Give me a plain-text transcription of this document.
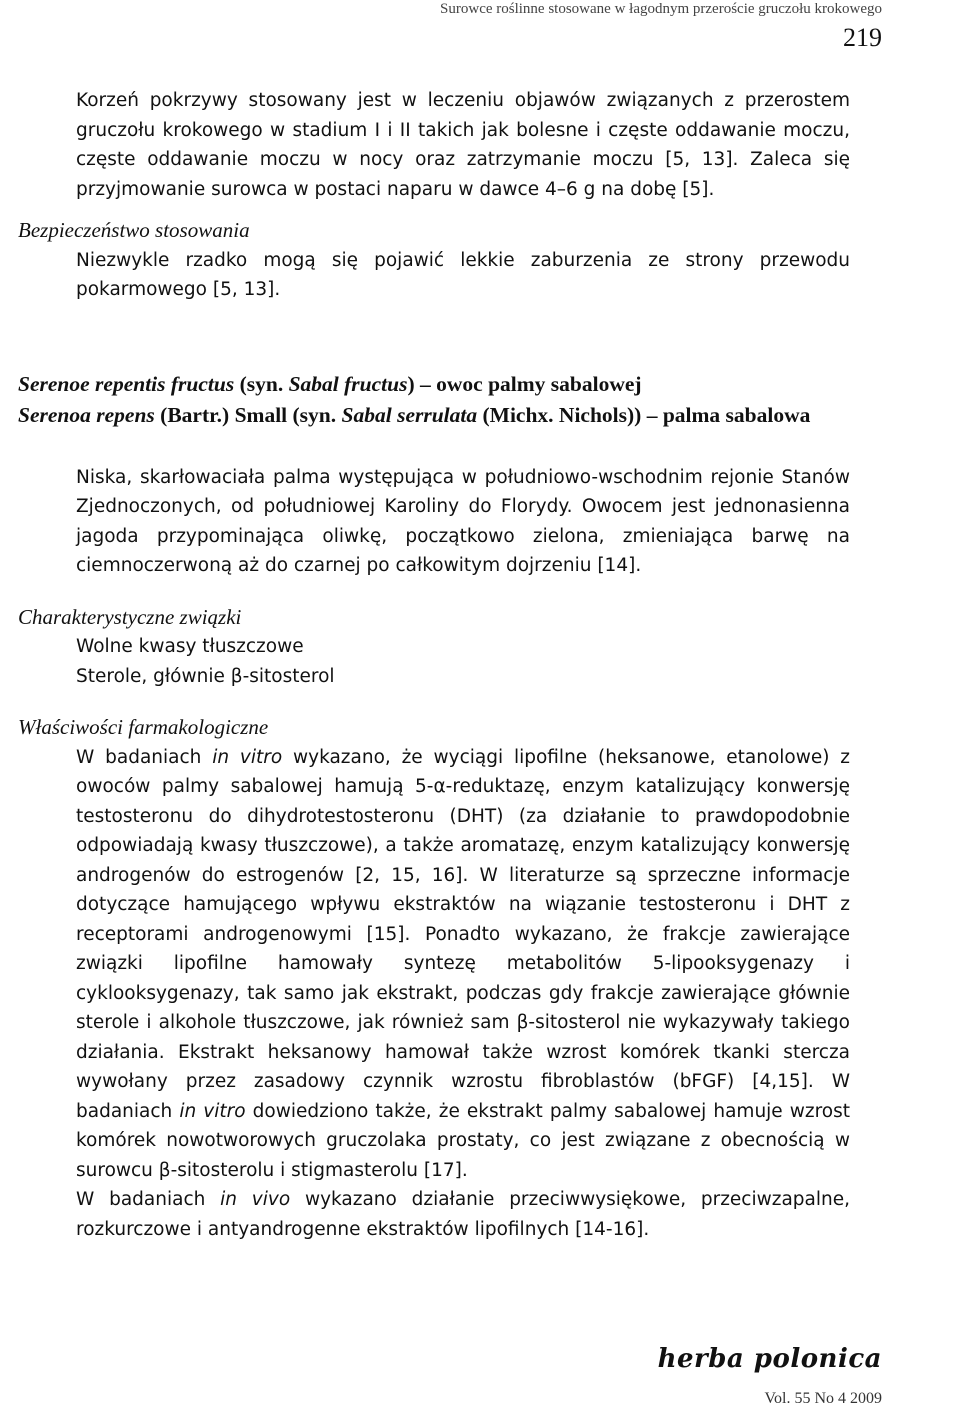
Surowce roślinne stosowane w łagodnym przeroście gruczołu krokowego
219

Korzeń pokrzywy stosowany jest w leczeniu objawów związanych z przerostem gruczołu krokowego w stadium I i II takich jak bolesne i częste oddawanie moczu, częste oddawanie moczu w nocy oraz zatrzymanie moczu [5, 13]. Zaleca się przyjmowanie surowca w postaci naparu w dawce 4–6 g na dobę [5].

Bezpieczeństwo stosowania

Niezwykle rzadko mogą się pojawić lekkie zaburzenia ze strony przewodu pokarmowego [5, 13].

Serenoe repentis fructus (syn. Sabal fructus) – owoc palmy sabalowej
Serenoa repens (Bartr.) Small (syn. Sabal serrulata (Michx. Nichols)) – palma sabalowa

Niska, skarłowaciała palma występująca w południowo-wschodnim rejonie Stanów Zjednoczonych, od południowej Karoliny do Florydy. Owocem jest jednonasienna jagoda przypominająca oliwkę, początkowo zielona, zmieniająca barwę na ciemnoczerwoną aż do czarnej po całkowitym dojrzeniu [14].

Charakterystyczne związki

Wolne kwasy tłuszczowe

Sterole, głównie β-sitosterol

Właściwości farmakologiczne

W badaniach in vitro wykazano, że wyciągi lipofilne (heksanowe, etanolowe) z owoców palmy sabalowej hamują 5-α-reduktazę, enzym katalizujący konwersję testosteronu do dihydrotestosteronu (DHT) (za działanie to prawdopodobnie odpowiadają kwasy tłuszczowe), a także aromatazę, enzym katalizujący konwersję androgenów do estrogenów [2, 15, 16]. W literaturze są sprzeczne informacje dotyczące hamującego wpływu ekstraktów na wiązanie testosteronu i DHT z receptorami androgenowymi [15]. Ponadto wykazano, że frakcje zawierające związki lipofilne hamowały syntezę metabolitów 5-lipooksygenazy i cyklooksygenazy, tak samo jak ekstrakt, podczas gdy frakcje zawierające głównie sterole i alkohole tłuszczowe, jak również sam β-sitosterol nie wykazywały takiego działania. Ekstrakt heksanowy hamował także wzrost komórek tkanki stercza wywołany przez zasadowy czynnik wzrostu fibroblastów (bFGF) [4,15]. W badaniach in vitro dowiedziono także, że ekstrakt palmy sabalowej hamuje wzrost komórek nowotworowych gruczolaka prostaty, co jest związane z obecnością w surowcu β-sitosterolu i stigmasterolu [17].

W badaniach in vivo wykazano działanie przeciwwysiękowe, przeciwzapalne, rozkurczowe i antyandrogenne ekstraktów lipofilnych [14-16].

herba polonica
Vol. 55 No 4 2009
